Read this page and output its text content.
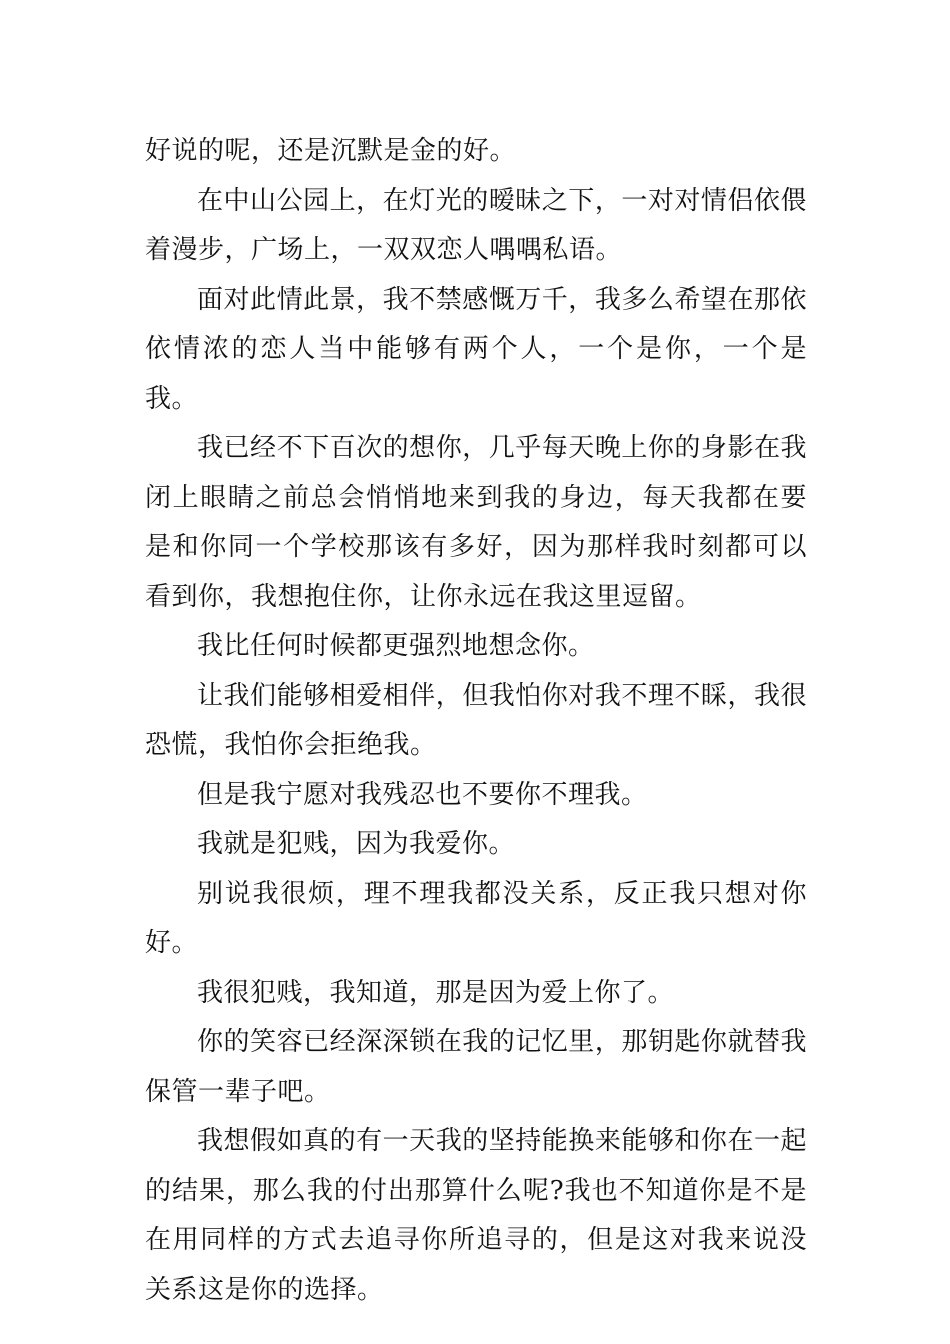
好说的呢，还是沉默是金的好。

在中山公园上，在灯光的暧昧之下，一对对情侣依偎着漫步，广场上，一双双恋人喁喁私语。

面对此情此景，我不禁感慨万千，我多么希望在那依依情浓的恋人当中能够有两个人，一个是你，一个是我。

我已经不下百次的想你，几乎每天晚上你的身影在我闭上眼睛之前总会悄悄地来到我的身边，每天我都在要是和你同一个学校那该有多好，因为那样我时刻都可以看到你，我想抱住你，让你永远在我这里逗留。

我比任何时候都更强烈地想念你。

让我们能够相爱相伴，但我怕你对我不理不睬，我很恐慌，我怕你会拒绝我。

但是我宁愿对我残忍也不要你不理我。

我就是犯贱，因为我爱你。

别说我很烦，理不理我都没关系，反正我只想对你好。

我很犯贱，我知道，那是因为爱上你了。

你的笑容已经深深锁在我的记忆里，那钥匙你就替我保管一辈子吧。

我想假如真的有一天我的坚持能换来能够和你在一起的结果，那么我的付出那算什么呢?我也不知道你是不是在用同样的方式去追寻你所追寻的，但是这对我来说没关系这是你的选择。
